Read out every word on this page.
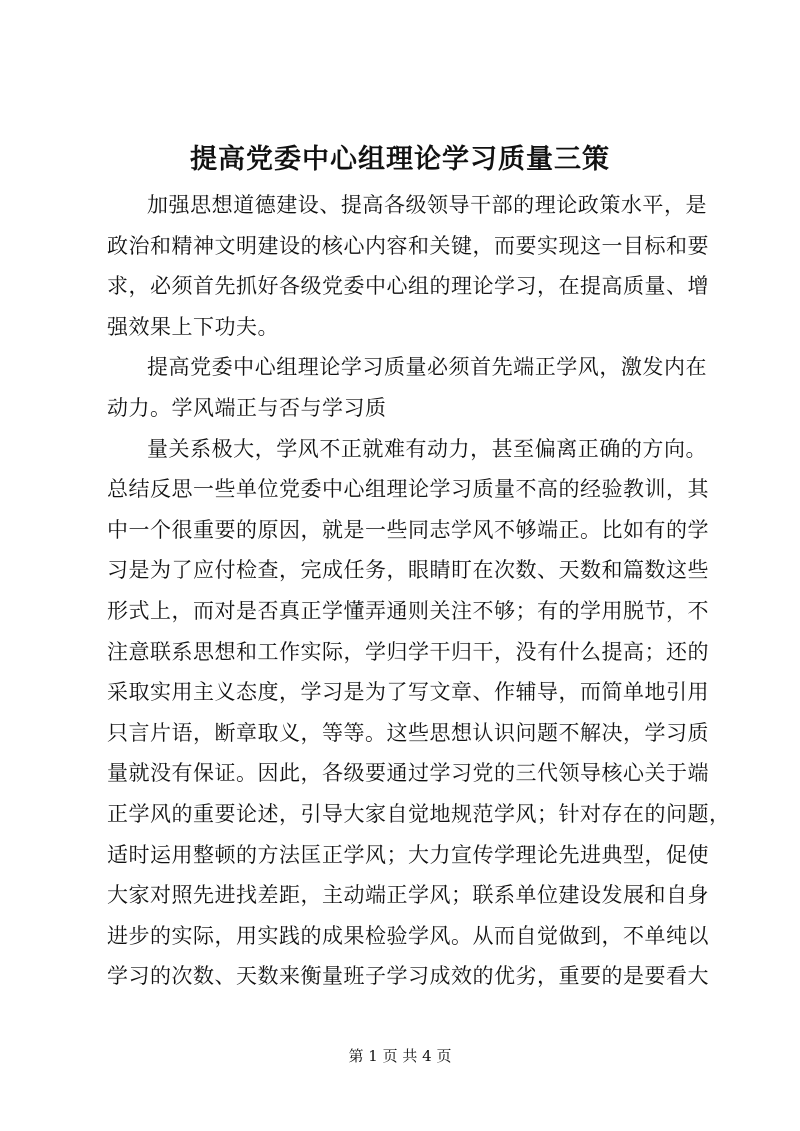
提高党委中心组理论学习质量三策
加强思想道德建设、提高各级领导干部的理论政策水平，是
政治和精神文明建设的核心内容和关键，而要实现这一目标和要
求，必须首先抓好各级党委中心组的理论学习，在提高质量、增
强效果上下功夫。
提高党委中心组理论学习质量必须首先端正学风，激发内在
动力。学风端正与否与学习质
量关系极大，学风不正就难有动力，甚至偏离正确的方向。
总结反思一些单位党委中心组理论学习质量不高的经验教训，其
中一个很重要的原因，就是一些同志学风不够端正。比如有的学
习是为了应付检查，完成任务，眼睛盯在次数、天数和篇数这些
形式上，而对是否真正学懂弄通则关注不够；有的学用脱节，不
注意联系思想和工作实际，学归学干归干，没有什么提高；还的
采取实用主义态度，学习是为了写文章、作辅导，而简单地引用
只言片语，断章取义，等等。这些思想认识问题不解决，学习质
量就没有保证。因此，各级要通过学习党的三代领导核心关于端
正学风的重要论述，引导大家自觉地规范学风；针对存在的问题，
适时运用整顿的方法匡正学风；大力宣传学理论先进典型，促使
大家对照先进找差距，主动端正学风；联系单位建设发展和自身
进步的实际，用实践的成果检验学风。从而自觉做到，不单纯以
学习的次数、天数来衡量班子学习成效的优劣，重要的是要看大
第 1 页 共 4 页
